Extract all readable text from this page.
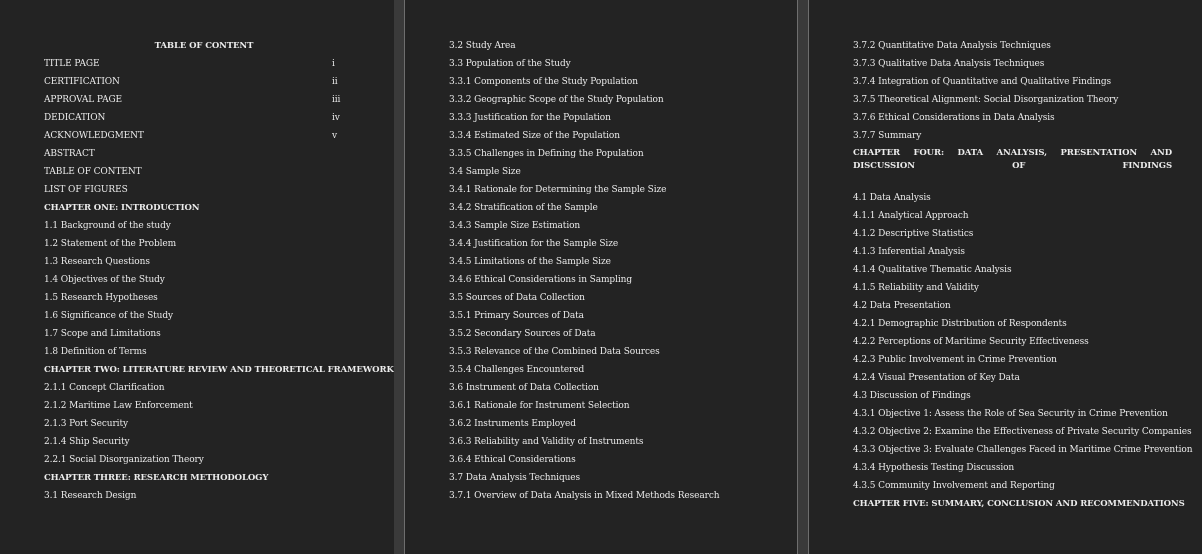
TABLE OF CONTENT
TITLE PAGE	i
CERTIFICATION	ii
APPROVAL PAGE	iii
DEDICATION	iv
ACKNOWLEDGMENT	v
ABSTRACT
TABLE OF CONTENT
LIST OF FIGURES
CHAPTER ONE: INTRODUCTION
1.1 Background of the study
1.2 Statement of the Problem
1.3 Research Questions
1.4 Objectives of the Study
1.5 Research Hypotheses
1.6 Significance of the Study
1.7 Scope and Limitations
1.8 Definition of Terms
CHAPTER TWO: LITERATURE REVIEW AND THEORETICAL FRAMEWORK
2.1.1 Concept Clarification
2.1.2 Maritime Law Enforcement
2.1.3 Port Security
2.1.4 Ship Security
2.2.1 Social Disorganization Theory
CHAPTER THREE: RESEARCH METHODOLOGY
3.1 Research Design
3.2 Study Area
3.3 Population of the Study
3.3.1 Components of the Study Population
3.3.2 Geographic Scope of the Study Population
3.3.3 Justification for the Population
3.3.4 Estimated Size of the Population
3.3.5 Challenges in Defining the Population
3.4 Sample Size
3.4.1 Rationale for Determining the Sample Size
3.4.2 Stratification of the Sample
3.4.3 Sample Size Estimation
3.4.4 Justification for the Sample Size
3.4.5 Limitations of the Sample Size
3.4.6 Ethical Considerations in Sampling
3.5 Sources of Data Collection
3.5.1 Primary Sources of Data
3.5.2 Secondary Sources of Data
3.5.3 Relevance of the Combined Data Sources
3.5.4 Challenges Encountered
3.6 Instrument of Data Collection
3.6.1 Rationale for Instrument Selection
3.6.2 Instruments Employed
3.6.3 Reliability and Validity of Instruments
3.6.4 Ethical Considerations
3.7 Data Analysis Techniques
3.7.1 Overview of Data Analysis in Mixed Methods Research
3.7.2 Quantitative Data Analysis Techniques
3.7.3 Qualitative Data Analysis Techniques
3.7.4 Integration of Quantitative and Qualitative Findings
3.7.5 Theoretical Alignment: Social Disorganization Theory
3.7.6 Ethical Considerations in Data Analysis
3.7.7 Summary
CHAPTER FOUR: DATA ANALYSIS, PRESENTATION AND DISCUSSION OF FINDINGS
4.1 Data Analysis
4.1.1 Analytical Approach
4.1.2 Descriptive Statistics
4.1.3 Inferential Analysis
4.1.4 Qualitative Thematic Analysis
4.1.5 Reliability and Validity
4.2 Data Presentation
4.2.1 Demographic Distribution of Respondents
4.2.2 Perceptions of Maritime Security Effectiveness
4.2.3 Public Involvement in Crime Prevention
4.2.4 Visual Presentation of Key Data
4.3 Discussion of Findings
4.3.1 Objective 1: Assess the Role of Sea Security in Crime Prevention
4.3.2 Objective 2: Examine the Effectiveness of Private Security Companies
4.3.3 Objective 3: Evaluate Challenges Faced in Maritime Crime Prevention
4.3.4 Hypothesis Testing Discussion
4.3.5 Community Involvement and Reporting
CHAPTER FIVE: SUMMARY, CONCLUSION AND RECOMMENDATIONS
